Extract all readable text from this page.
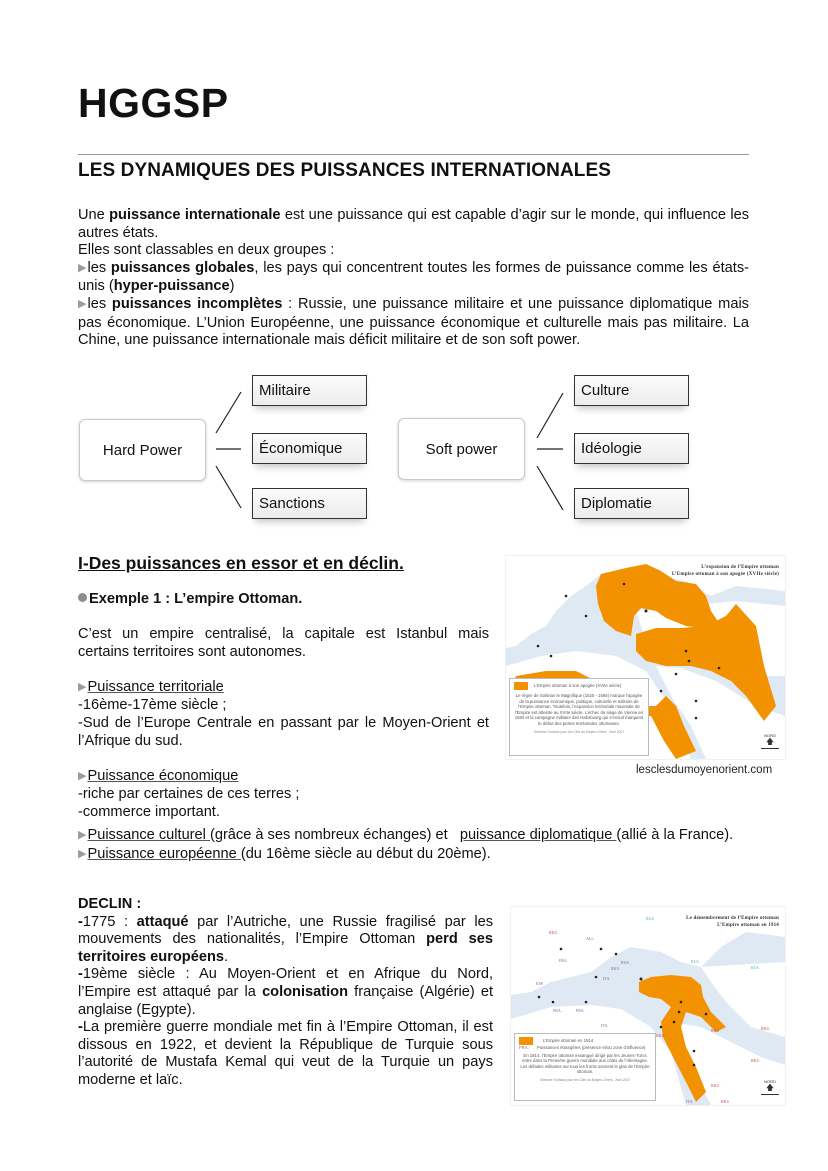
HGGSP
LES DYNAMIQUES DES PUISSANCES INTERNATIONALES
Une puissance internationale est une puissance qui est capable d’agir sur le monde, qui influence les autres états.
Elles sont classables en deux groupes :
▶les puissances globales, les pays qui concentrent toutes les formes de puissance comme les états-unis (hyper-puissance)
▶les puissances incomplètes : Russie, une puissance militaire et une puissance diplomatique mais pas économique. L’Union Européenne, une puissance économique et culturelle mais pas militaire. La Chine, une puissance internationale mais déficit militaire et de son soft power.
Hard Power
Militaire
Économique
Sanctions
Soft power
Culture
Idéologie
Diplomatie
I-Des puissances en essor et en déclin.
Exemple 1 : L’empire Ottoman.
C’est un empire centralisé, la capitale est Istanbul mais certains territoires sont autonomes.
▶Puissance territoriale
-16ème-17ème siècle ;
-Sud de l’Europe Centrale en passant par le Moyen-Orient et l’Afrique du sud.
▶Puissance économique
-riche par certaines de ces terres ;
-commerce important.
▶Puissance culturel (grâce à ses nombreux échanges) et   puissance diplomatique (allié à la France).
▶Puissance européenne (du 16ème siècle au début du 20ème).
DECLIN :
-1775 : attaqué par l’Autriche, une Russie fragilisé par les mouvements des nationalités, l’Empire Ottoman perd ses territoires européens.
-19ème siècle : Au Moyen-Orient et en Afrique du Nord, l’Empire est attaqué par la colonisation française (Algérie) et anglaise (Egypte).
-La première guerre mondiale met fin à l’Empire Ottoman, il est dissous en 1922, et devient la République de Turquie sous l’autorité de Mustafa Kemal qui veut de la Turquie un pays moderne et laïc.
L’expansion de l’Empire ottoman
L’Empire ottoman à son apogée (XVIIe siècle)
L’Empire ottoman à son apogée (XVIIe siècle)
Le règne de Soliman le Magnifique (1520 - 1566) marque l’apogée de la puissance économique, politique, culturelle et militaire de l’Empire ottoman. Toutefois, l’expansion territoriale maximale de l’Empire est atteinte au XVIIe siècle. L’échec du siège de Vienne en 1683 et la campagne militaire des Habsbourg qui s’ensuit marquent le début des pertes territoriales ottomanes.
Onesme Hurtado pour les Clés du Moyen-Orient - Avril 2017
NORD
🡅
lesclesdumoyenorient.com
RKU.
ALL.
FRA.
ESP.
FRA.	FRA.
ITA.
RKU.
RUS.
ITA.
RUS.
RUS.
RUS.
RKU.
RKU.	RKU.
RKU.
RKU.
RKU.
ITA.
Le démembrement de l’Empire ottoman
L’Empire ottoman en 1914
L’Empire ottoman en 1914
FRA.	Puissances étrangères (présence et/ou zone d’influence)
En 1914, l’Empire ottoman essangué dirigé par les Jeunes-Turcs entre dans la Première guerre mondiale aux côtés de l’Allemagne. Les défaites militaires sur tous les fronts sonnent le glas de l’Empire ottoman.
Onesme Hurtado pour les Clés du Moyen-Orient - Avril 2017	NORD
🡅
